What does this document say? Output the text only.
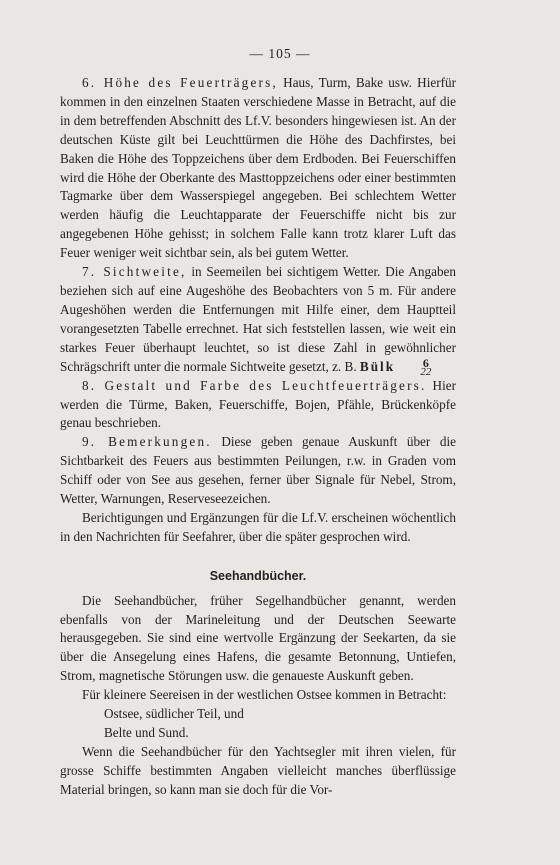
— 105 —

6. Höhe des Feuerträgers, Haus, Turm, Bake usw. Hierfür kommen in den einzelnen Staaten verschiedene Masse in Betracht, auf die in dem betreffenden Abschnitt des Lf.V. besonders hingewiesen ist. An der deutschen Küste gilt bei Leuchttürmen die Höhe des Dachfirstes, bei Baken die Höhe des Toppzeichens über dem Erdboden. Bei Feuerschiffen wird die Höhe der Oberkante des Masttoppzeichens oder einer bestimmten Tagmarke über dem Wasserspiegel angegeben. Bei schlechtem Wetter werden häufig die Leuchtapparate der Feuerschiffe nicht bis zur angegebenen Höhe gehisst; in solchem Falle kann trotz klarer Luft das Feuer weniger weit sichtbar sein, als bei gutem Wetter.

7. Sichtweite, in Seemeilen bei sichtigem Wetter. Die Angaben beziehen sich auf eine Augeshöhe des Beobachters von 5 m. Für andere Augeshöhen werden die Entfernungen mit Hilfe einer, dem Hauptteil vorangesetzten Tabelle errechnet. Hat sich feststellen lassen, wie weit ein starkes Feuer überhaupt leuchtet, so ist diese Zahl in gewöhnlicher Schrägschrift unter die normale Sichtweite gesetzt, z. B. Bülk	6
22

8. Gestalt und Farbe des Leuchtfeuerträgers. Hier werden die Türme, Baken, Feuerschiffe, Bojen, Pfähle, Brückenköpfe genau beschrieben.

9. Bemerkungen. Diese geben genaue Auskunft über die Sichtbarkeit des Feuers aus bestimmten Peilungen, r.w. in Graden vom Schiff oder von See aus gesehen, ferner über Signale für Nebel, Strom, Wetter, Warnungen, Reserveseezeichen.

Berichtigungen und Ergänzungen für die Lf.V. erscheinen wöchentlich in den Nachrichten für Seefahrer, über die später gesprochen wird.

Seehandbücher.

Die Seehandbücher, früher Segelhandbücher genannt, werden ebenfalls von der Marineleitung und der Deutschen Seewarte herausgegeben. Sie sind eine wertvolle Ergänzung der Seekarten, da sie über die Ansegelung eines Hafens, die gesamte Betonnung, Untiefen, Strom, magnetische Störungen usw. die genaueste Auskunft geben.

Für kleinere Seereisen in der westlichen Ostsee kommen in Betracht:

Ostsee, südlicher Teil, und
Belte und Sund.

Wenn die Seehandbücher für den Yachtsegler mit ihren vielen, für grosse Schiffe bestimmten Angaben vielleicht manches überflüssige Material bringen, so kann man sie doch für die Vor-
